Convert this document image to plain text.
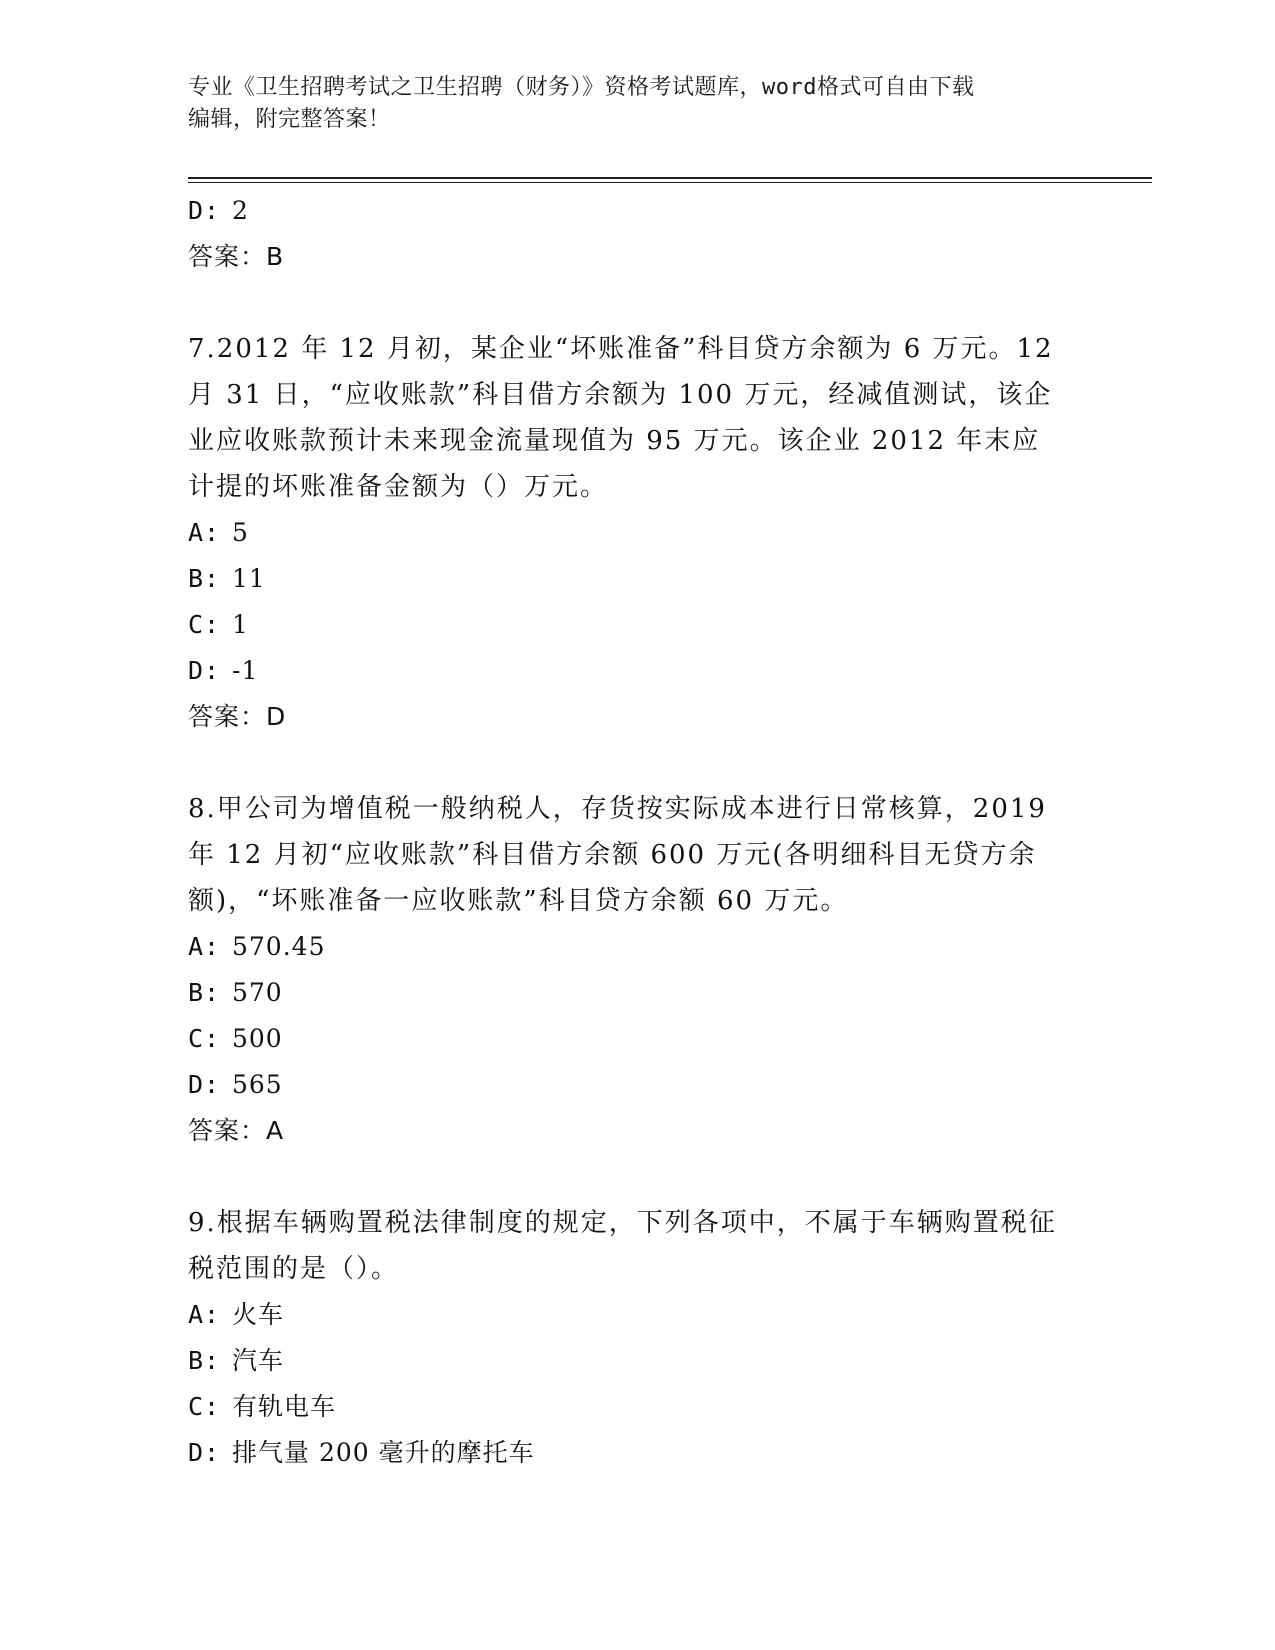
专业《卫生招聘考试之卫生招聘（财务）》资格考试题库，word格式可自由下载
编辑，附完整答案！
D: 2
答案：B

7.2012 年 12 月初，某企业“坏账准备”科目贷方余额为 6 万元。12 月 31 日，“应收账款”科目借方余额为 100 万元，经减值测试，该企业应收账款预计未来现金流量现值为 95 万元。该企业 2012 年末应计提的坏账准备金额为（）万元。

A: 5
B: 11
C: 1
D: -1
答案：D

8.甲公司为增值税一般纳税人，存货按实际成本进行日常核算，2019 年 12 月初“应收账款”科目借方余额 600 万元(各明细科目无贷方余额)，“坏账准备一应收账款”科目贷方余额 60 万元。

A: 570.45
B: 570
C: 500
D: 565
答案：A

9.根据车辆购置税法律制度的规定，下列各项中，不属于车辆购置税征税范围的是（）。

A: 火车
B: 汽车
C: 有轨电车
D: 排气量 200 毫升的摩托车
